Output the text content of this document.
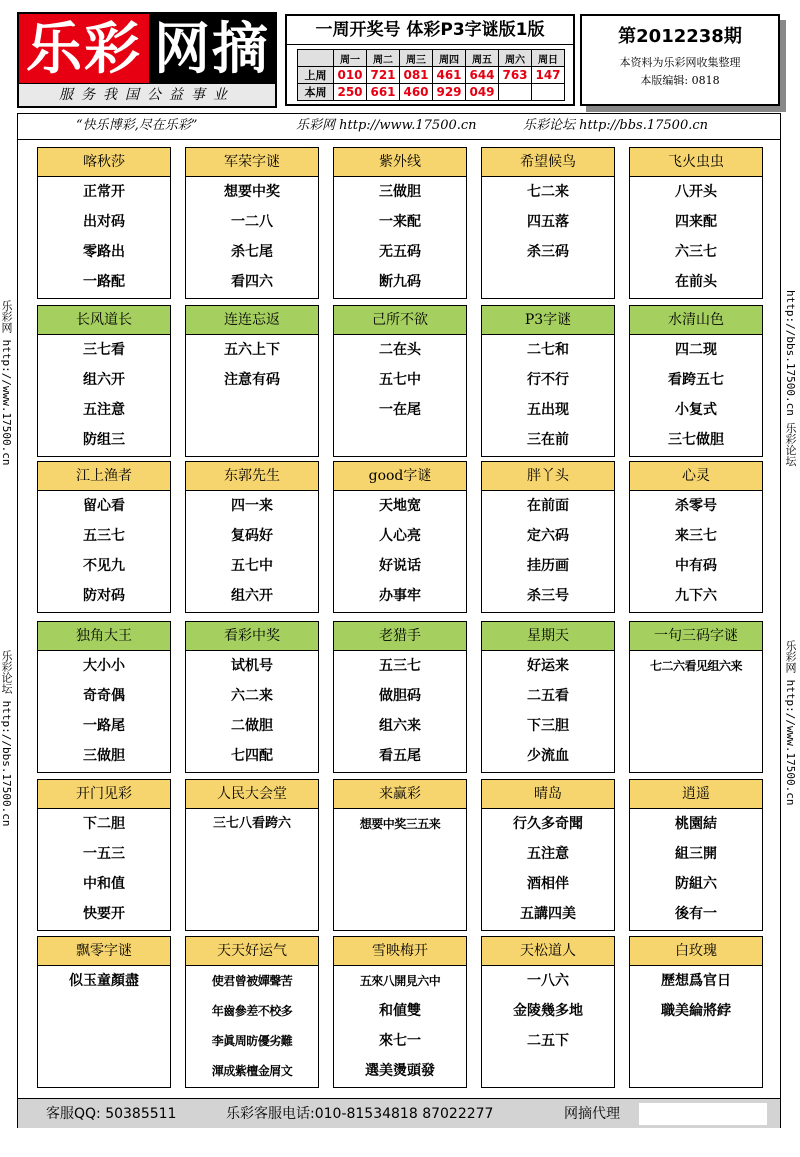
乐彩 网摘
服务我国公益事业
一周开奖号 体彩P3字谜版1版
	周一	周二	周三	周四	周五	周六	周日
上周	010	721	081	461	644	763	147
本周	250	661	460	929	049		
第2012238期
本资料为乐彩网收集整理
本版编辑: 0818
乐彩网 http://www.17500.cn
乐彩论坛 http://bbs.17500.cn
http://bbs.17500.cn 乐彩论坛
乐彩网 http://www.17500.cn
“快乐博彩,尽在乐彩”	乐彩网 http://www.17500.cn	乐彩论坛 http://bbs.17500.cn
喀秋莎
正常开
出对码
零路出
一路配
军荣字谜
想要中奖
一二八
杀七尾
看四六
紫外线
三做胆
一来配
无五码
断九码
希望候鸟
七二来
四五落
杀三码
飞火虫虫
八开头
四来配
六三七
在前头
长风道长
三七看
组六开
五注意
防组三
连连忘返
五六上下
注意有码
己所不欲
二在头
五七中
一在尾
P3字谜
二七和
行不行
五出现
三在前
水清山色
四二现
看跨五七
小复式
三七做胆
江上渔者
留心看
五三七
不见九
防对码
东郭先生
四一来
复码好
五七中
组六开
good字谜
天地宽
人心亮
好说话
办事牢
胖丫头
在前面
定六码
挂历画
杀三号
心灵
杀零号
来三七
中有码
九下六
独角大王
大小小
奇奇偶
一路尾
三做胆
看彩中奖
试机号
六二来
二做胆
七四配
老猎手
五三七
做胆码
组六来
看五尾
星期天
好运来
二五看
下三胆
少流血
一句三码字谜
七二六看见组六来
开门见彩
下二胆
一五三
中和值
快要开
人民大会堂
三七八看跨六
来赢彩
想要中奖三五来
晴岛
行久多奇聞
五注意
酒相伴
五講四美
逍遥
桃園結
組三開
防組六
後有一
飘零字谜
似玉童顏盡
天天好运气
使君曾被嬋聲苦
年齒參差不校多
李眞周昉優劣難
渾成紫檀金屑文
雪映梅开
五來八開見六中
和値雙
來七一
選美燙頭發
天松道人
一八六
金陵幾多地
二五下
白玫瑰
歷想爲官日
職美綸將綍
客服QQ: 50385511	乐彩客服电话:010-81534818 87022277	网摘代理
